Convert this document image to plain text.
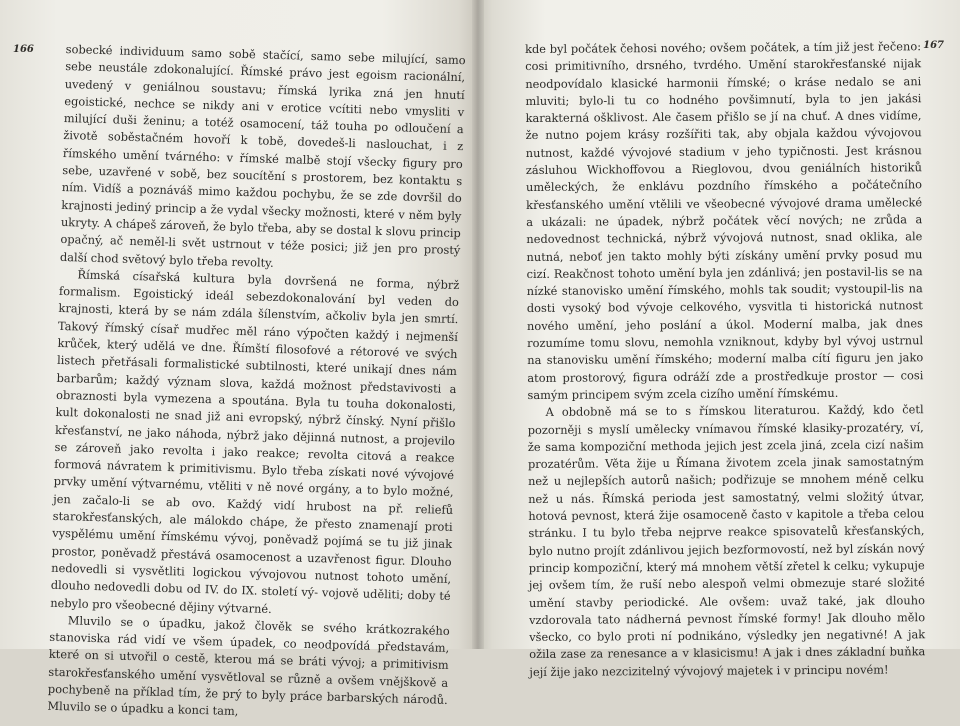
166	sobecké individuum samo sobě stačící, samo sebe milující, samo sebe neustále zdokonalující. Římské právo jest egoism racionální, uvedený v geniálnou soustavu; římská lyrika zná jen hnutí egoistické, nechce se nikdy ani v erotice vcítiti nebo vmysliti v milující duši ženinu; a totéž osamocení, táž touha po odloučení a životě soběstačném hovoří k tobě, dovedeš-li naslouchat, i z římského umění tvárného: v římské malbě stojí všecky figury pro sebe, uzavřené v sobě, bez soucítění s prostorem, bez kontaktu s ním. Vidíš a poznáváš mimo každou pochybu, že se zde dovršil do krajnosti jediný princip a že vydal všecky možnosti, které v něm byly ukryty. A chápeš zároveň, že bylo třeba, aby se dostal k slovu princip opačný, ač neměl-li svět ustrnout v téže posici; již jen pro prostý další chod světový bylo třeba revolty.

Římská císařská kultura byla dovršená ne forma, nýbrž formalism. Egoistický ideál sebezdokonalování byl veden do krajnosti, která by se nám zdála šílenstvím, ačkoliv byla jen smrtí. Takový římský císař mudřec měl ráno výpočten každý i nejmenší krůček, který udělá ve dne. Římští filosofové a rétorové ve svých listech přetřásali formalistické subtilnosti, které unikají dnes nám barbarům; každý význam slova, každá možnost představivosti a obraznosti byla vymezena a spoutána. Byla tu touha dokonalosti, kult dokonalosti ne snad již ani evropský, nýbrž čínský. Nyní přišlo křesťanství, ne jako náhoda, nýbrž jako dějinná nutnost, a projevilo se zároveň jako revolta i jako reakce; revolta citová a reakce formová návratem k primitivismu. Bylo třeba získati nové vývojové prvky umění výtvarnému, vtěliti v ně nové orgány, a to bylo možné, jen začalo-li se ab ovo. Každý vidí hrubost na př. reliefů starokřesťanských, ale málokdo chápe, že přesto znamenají proti vyspělému umění římskému vývoj, poněvadž pojímá se tu již jinak prostor, poněvadž přestává osamocenost a uzavřenost figur. Dlouho nedovedli si vysvětliti logickou vývojovou nutnost tohoto umění, dlouho nedovedli dobu od IV. do IX. století vý- vojově uděliti; doby té nebylo pro všeobecné dějiny výtvarné.

Mluvilo se o úpadku, jakož člověk se svého krátkozrakého stanoviska rád vidí ve všem úpadek, co neodpovídá představám, které on si utvořil o cestě, kterou má se bráti vývoj; a primitivism starokřesťanského umění vysvětloval se různě a ovšem vnějškově a pochybeně na příklad tím, že prý to byly práce barbarských národů. Mluvilo se o úpadku a konci tam,

167

kde byl počátek čehosi nového; ovšem počátek, a tím již jest řečeno: cosi primitivního, drsného, tvrdého. Umění starokřesťanské nijak neodpovídalo klasické harmonii římské; o kráse nedalo se ani mluviti; bylo-li tu co hodného povšimnutí, byla to jen jakási karakterná ošklivost. Ale časem přišlo se jí na chuť. A dnes vidíme, že nutno pojem krásy rozšířiti tak, aby objala každou vývojovou nutnost, každé vývojové stadium v jeho typičnosti. Jest krásnou zásluhou Wickhoffovou a Rieglovou, dvou geniálních historiků uměleckých, že enklávu pozdního římského a počátečního křesťanského umění vtělili ve všeobecné vývojové drama umělecké a ukázali: ne úpadek, nýbrž počátek věcí nových; ne zrůda a nedovednost technická, nýbrž vývojová nutnost, snad oklika, ale nutná, neboť jen takto mohly býti získány umění prvky posud mu cizí. Reakčnost tohoto umění byla jen zdánlivá; jen postavil-lis se na nízké stanovisko umění římského, mohls tak soudit; vystoupil-lis na dosti vysoký bod vývoje celkového, vysvitla ti historická nutnost nového umění, jeho poslání a úkol. Moderní malba, jak dnes rozumíme tomu slovu, nemohla vzniknout, kdyby byl vývoj ustrnul na stanovisku umění římského; moderní malba cítí figuru jen jako atom prostorový, figura odráží zde a prostředkuje prostor — cosi samým principem svým zcela cizího umění římskému.

A obdobně má se to s římskou literaturou. Každý, kdo četl pozorněji s myslí umělecky vnímavou římské klasiky-prozatéry, ví, že sama kompoziční methoda jejich jest zcela jiná, zcela cizí našim prozatérům. Věta žije u Římana životem zcela jinak samostatným než u nejlepších autorů našich; podřizuje se mnohem méně celku než u nás. Římská perioda jest samostatný, velmi složitý útvar, hotová pevnost, která žije osamoceně často v kapitole a třeba celou stránku. I tu bylo třeba nejprve reakce spisovatelů křesťanských, bylo nutno projít zdánlivou jejich bezformovostí, než byl získán nový princip kompoziční, který má mnohem větší zřetel k celku; vykupuje jej ovšem tím, že ruší nebo alespoň velmi obmezuje staré složité umění stavby periodické. Ale ovšem: uvaž také, jak dlouho vzdorovala tato nádherná pevnost římské formy! Jak dlouho mělo všecko, co bylo proti ní podnikáno, výsledky jen negativné! A jak ožila zase za renesance a v klasicismu! A jak i dnes základní buňka její žije jako nezcizitelný vývojový majetek i v principu novém!
